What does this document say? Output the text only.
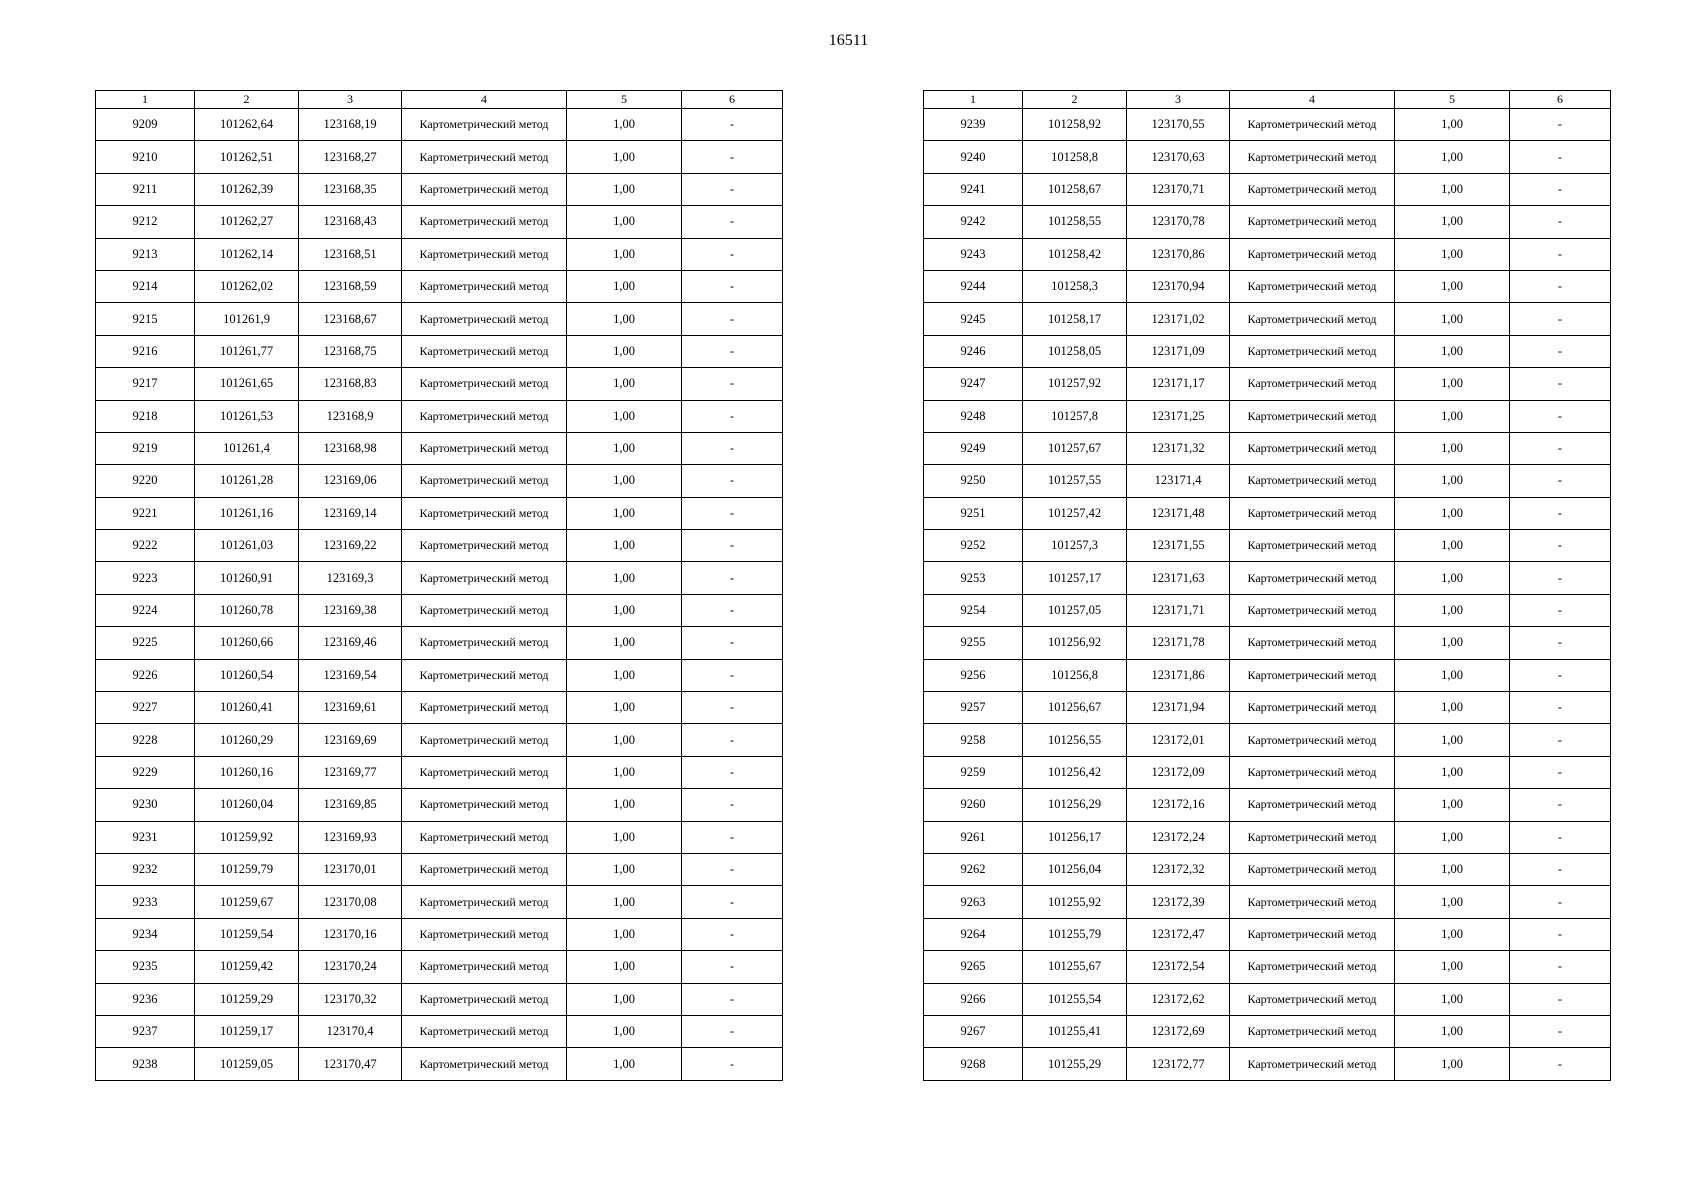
16511
1	2	3	4	5	6
9209	101262,64	123168,19	Картометрический метод	1,00	-
9210	101262,51	123168,27	Картометрический метод	1,00	-
9211	101262,39	123168,35	Картометрический метод	1,00	-
9212	101262,27	123168,43	Картометрический метод	1,00	-
9213	101262,14	123168,51	Картометрический метод	1,00	-
9214	101262,02	123168,59	Картометрический метод	1,00	-
9215	101261,9	123168,67	Картометрический метод	1,00	-
9216	101261,77	123168,75	Картометрический метод	1,00	-
9217	101261,65	123168,83	Картометрический метод	1,00	-
9218	101261,53	123168,9	Картометрический метод	1,00	-
9219	101261,4	123168,98	Картометрический метод	1,00	-
9220	101261,28	123169,06	Картометрический метод	1,00	-
9221	101261,16	123169,14	Картометрический метод	1,00	-
9222	101261,03	123169,22	Картометрический метод	1,00	-
9223	101260,91	123169,3	Картометрический метод	1,00	-
9224	101260,78	123169,38	Картометрический метод	1,00	-
9225	101260,66	123169,46	Картометрический метод	1,00	-
9226	101260,54	123169,54	Картометрический метод	1,00	-
9227	101260,41	123169,61	Картометрический метод	1,00	-
9228	101260,29	123169,69	Картометрический метод	1,00	-
9229	101260,16	123169,77	Картометрический метод	1,00	-
9230	101260,04	123169,85	Картометрический метод	1,00	-
9231	101259,92	123169,93	Картометрический метод	1,00	-
9232	101259,79	123170,01	Картометрический метод	1,00	-
9233	101259,67	123170,08	Картометрический метод	1,00	-
9234	101259,54	123170,16	Картометрический метод	1,00	-
9235	101259,42	123170,24	Картометрический метод	1,00	-
9236	101259,29	123170,32	Картометрический метод	1,00	-
9237	101259,17	123170,4	Картометрический метод	1,00	-
9238	101259,05	123170,47	Картометрический метод	1,00	-
1	2	3	4	5	6
9239	101258,92	123170,55	Картометрический метод	1,00	-
9240	101258,8	123170,63	Картометрический метод	1,00	-
9241	101258,67	123170,71	Картометрический метод	1,00	-
9242	101258,55	123170,78	Картометрический метод	1,00	-
9243	101258,42	123170,86	Картометрический метод	1,00	-
9244	101258,3	123170,94	Картометрический метод	1,00	-
9245	101258,17	123171,02	Картометрический метод	1,00	-
9246	101258,05	123171,09	Картометрический метод	1,00	-
9247	101257,92	123171,17	Картометрический метод	1,00	-
9248	101257,8	123171,25	Картометрический метод	1,00	-
9249	101257,67	123171,32	Картометрический метод	1,00	-
9250	101257,55	123171,4	Картометрический метод	1,00	-
9251	101257,42	123171,48	Картометрический метод	1,00	-
9252	101257,3	123171,55	Картометрический метод	1,00	-
9253	101257,17	123171,63	Картометрический метод	1,00	-
9254	101257,05	123171,71	Картометрический метод	1,00	-
9255	101256,92	123171,78	Картометрический метод	1,00	-
9256	101256,8	123171,86	Картометрический метод	1,00	-
9257	101256,67	123171,94	Картометрический метод	1,00	-
9258	101256,55	123172,01	Картометрический метод	1,00	-
9259	101256,42	123172,09	Картометрический метод	1,00	-
9260	101256,29	123172,16	Картометрический метод	1,00	-
9261	101256,17	123172,24	Картометрический метод	1,00	-
9262	101256,04	123172,32	Картометрический метод	1,00	-
9263	101255,92	123172,39	Картометрический метод	1,00	-
9264	101255,79	123172,47	Картометрический метод	1,00	-
9265	101255,67	123172,54	Картометрический метод	1,00	-
9266	101255,54	123172,62	Картометрический метод	1,00	-
9267	101255,41	123172,69	Картометрический метод	1,00	-
9268	101255,29	123172,77	Картометрический метод	1,00	-
